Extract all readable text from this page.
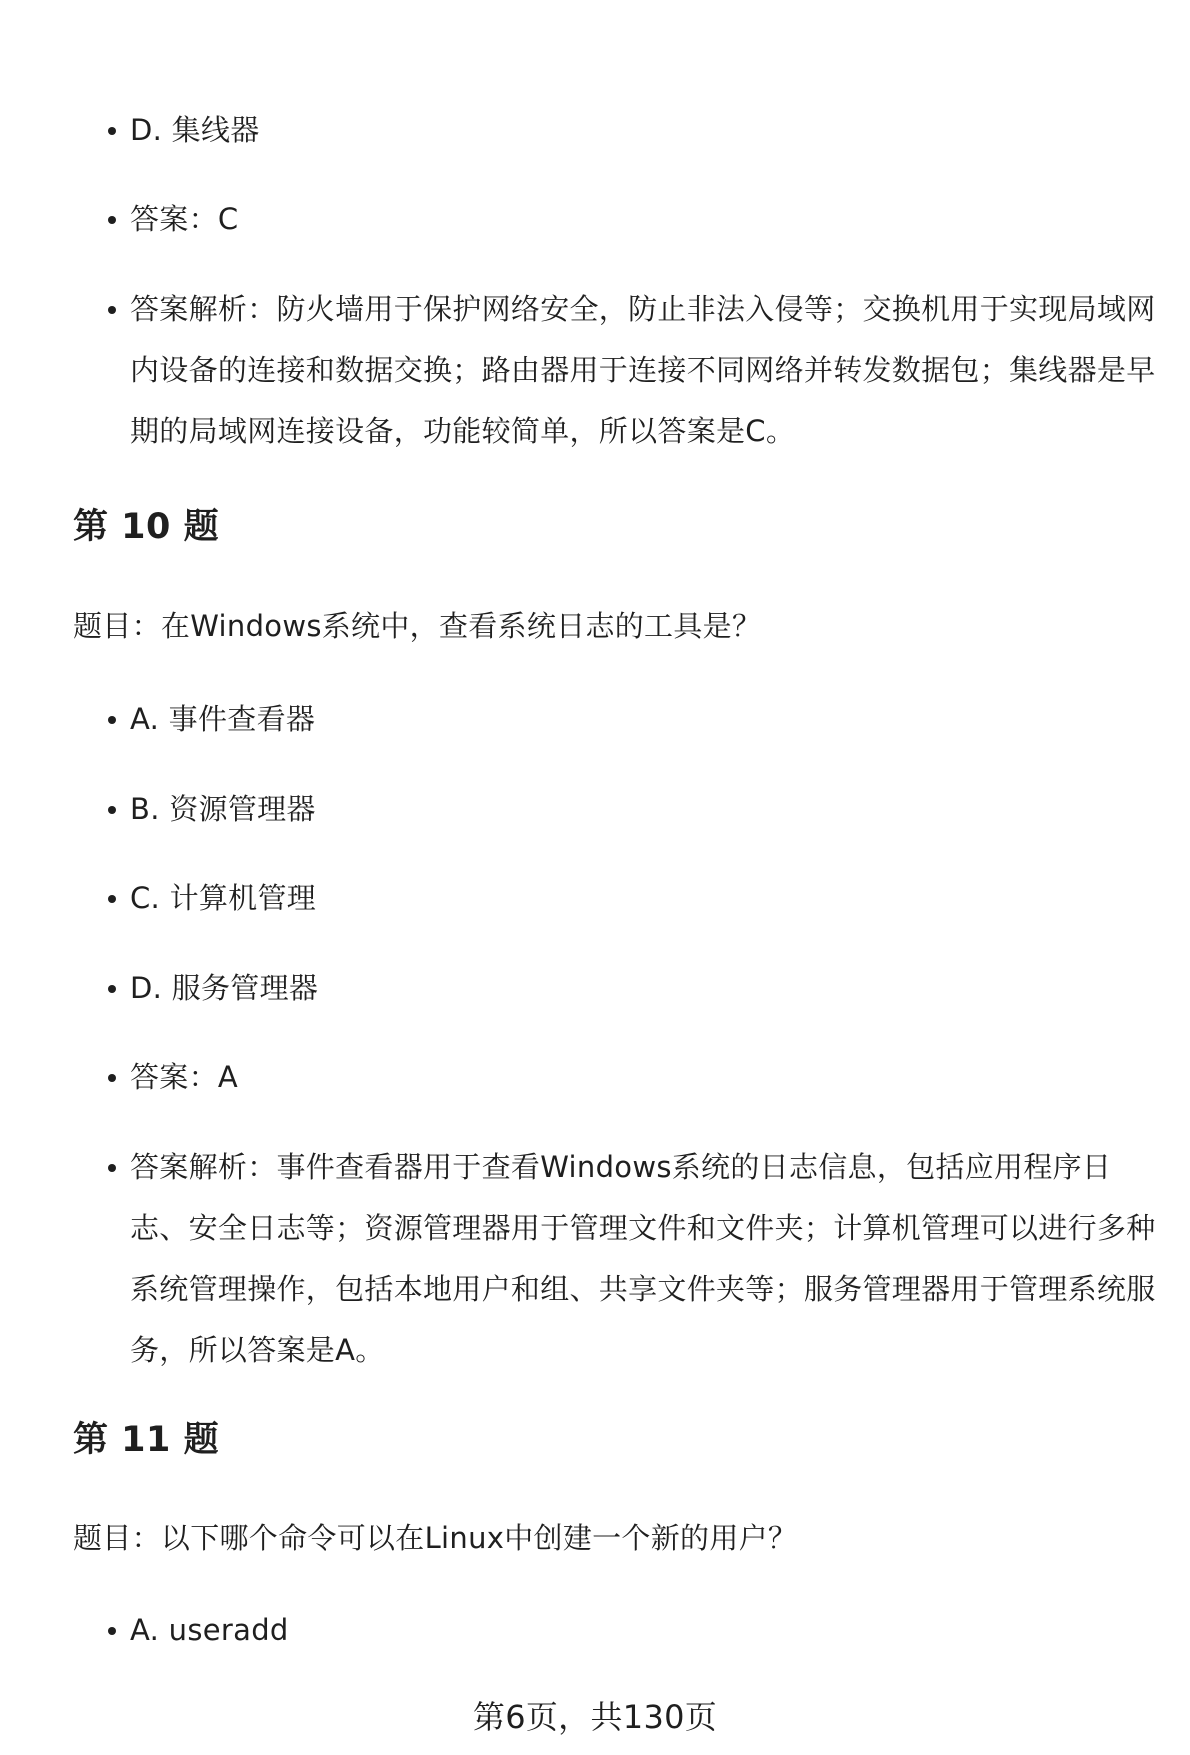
D. 集线器
答案：C
答案解析：防火墙用于保护网络安全，防止非法入侵等；交换机用于实现局域网内设备的连接和数据交换；路由器用于连接不同网络并转发数据包；集线器是早期的局域网连接设备，功能较简单，所以答案是C。
第 10 题
题目：在Windows系统中，查看系统日志的工具是？
A. 事件查看器
B. 资源管理器
C. 计算机管理
D. 服务管理器
答案：A
答案解析：事件查看器用于查看Windows系统的日志信息，包括应用程序日志、安全日志等；资源管理器用于管理文件和文件夹；计算机管理可以进行多种系统管理操作，包括本地用户和组、共享文件夹等；服务管理器用于管理系统服务，所以答案是A。
第 11 题
题目：以下哪个命令可以在Linux中创建一个新的用户？
A. useradd
第6页，共130页
